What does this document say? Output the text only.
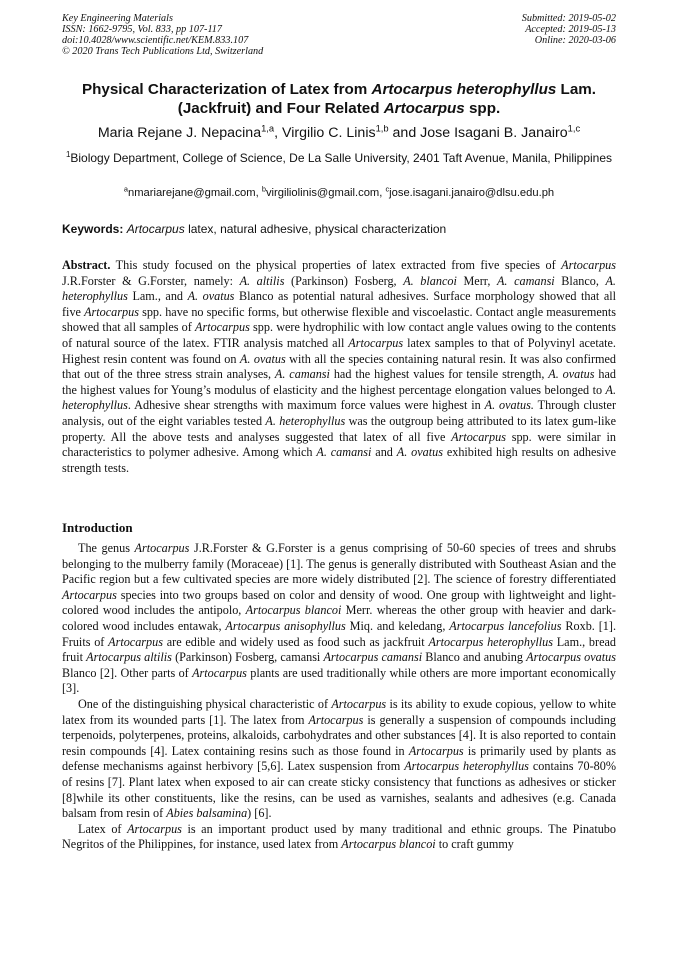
Key Engineering Materials
ISSN: 1662-9795, Vol. 833, pp 107-117
doi:10.4028/www.scientific.net/KEM.833.107
© 2020 Trans Tech Publications Ltd, Switzerland
Submitted: 2019-05-02
Accepted: 2019-05-13
Online: 2020-03-06
Physical Characterization of Latex from Artocarpus heterophyllus Lam. (Jackfruit) and Four Related Artocarpus spp.
Maria Rejane J. Nepacina$^{1,a}$, Virgilio C. Linis$^{1,b}$ and Jose Isagani B. Janairo$^{1,c}$
$^1$Biology Department, College of Science, De La Salle University, 2401 Taft Avenue, Manila, Philippines
$^a$nmariarejane@gmail.com, $^b$virgiliolinis@gmail.com, $^c$jose.isagani.janairo@dlsu.edu.ph
Keywords: Artocarpus latex, natural adhesive, physical characterization

Abstract. This study focused on the physical properties of latex extracted from five species of Artocarpus J.R.Forster & G.Forster, namely: A. altilis (Parkinson) Fosberg, A. blancoi Merr, A. camansi Blanco, A. heterophyllus Lam., and A. ovatus Blanco as potential natural adhesives. Surface morphology showed that all five Artocarpus spp. have no specific forms, but otherwise flexible and viscoelastic. Contact angle measurements showed that all samples of Artocarpus spp. were hydrophilic with low contact angle values owing to the contents of natural source of the latex. FTIR analysis matched all Artocarpus latex samples to that of Polyvinyl acetate. Highest resin content was found on A. ovatus with all the species containing natural resin. It was also confirmed that out of the three stress strain analyses, A. camansi had the highest values for tensile strength, A. ovatus had the highest values for Young’s modulus of elasticity and the highest percentage elongation values belonged to A. heterophyllus. Adhesive shear strengths with maximum force values were highest in A. ovatus. Through cluster analysis, out of the eight variables tested A. heterophyllus was the outgroup being attributed to its latex gum-like property. All the above tests and analyses suggested that latex of all five Artocarpus spp. were similar in characteristics to polymer adhesive. Among which A. camansi and A. ovatus exhibited high results on adhesive strength tests.

Introduction

The genus Artocarpus J.R.Forster & G.Forster is a genus comprising of 50-60 species of trees and shrubs belonging to the mulberry family (Moraceae) [1]. The genus is generally distributed with Southeast Asian and the Pacific region but a few cultivated species are more widely distributed [2]. The science of forestry differentiated Artocarpus species into two groups based on color and density of wood. One group with lightweight and light-colored wood includes the antipolo, Artocarpus blancoi Merr. whereas the other group with heavier and dark-colored wood includes entawak, Artocarpus anisophyllus Miq. and keledang, Artocarpus lancefolius Roxb. [1]. Fruits of Artocarpus are edible and widely used as food such as jackfruit Artocarpus heterophyllus Lam., bread fruit Artocarpus altilis (Parkinson) Fosberg, camansi Artocarpus camansi Blanco and anubing Artocarpus ovatus Blanco [2]. Other parts of Artocarpus plants are used traditionally while others are more important economically [3].

One of the distinguishing physical characteristic of Artocarpus is its ability to exude copious, yellow to white latex from its wounded parts [1]. The latex from Artocarpus is generally a suspension of compounds including terpenoids, polyterpenes, proteins, alkaloids, carbohydrates and other substances [4]. It is also reported to contain resin compounds [4]. Latex containing resins such as those found in Artocarpus is primarily used by plants as defense mechanisms against herbivory [5,6]. Latex suspension from Artocarpus heterophyllus contains 70-80% of resins [7]. Plant latex when exposed to air can create sticky consistency that functions as adhesives or sticker [8]while its other constituents, like the resins, can be used as varnishes, sealants and adhesives (e.g. Canada balsam from resin of Abies balsamina) [6].

Latex of Artocarpus is an important product used by many traditional and ethnic groups. The Pinatubo Negritos of the Philippines, for instance, used latex from Artocarpus blancoi to craft gummy
